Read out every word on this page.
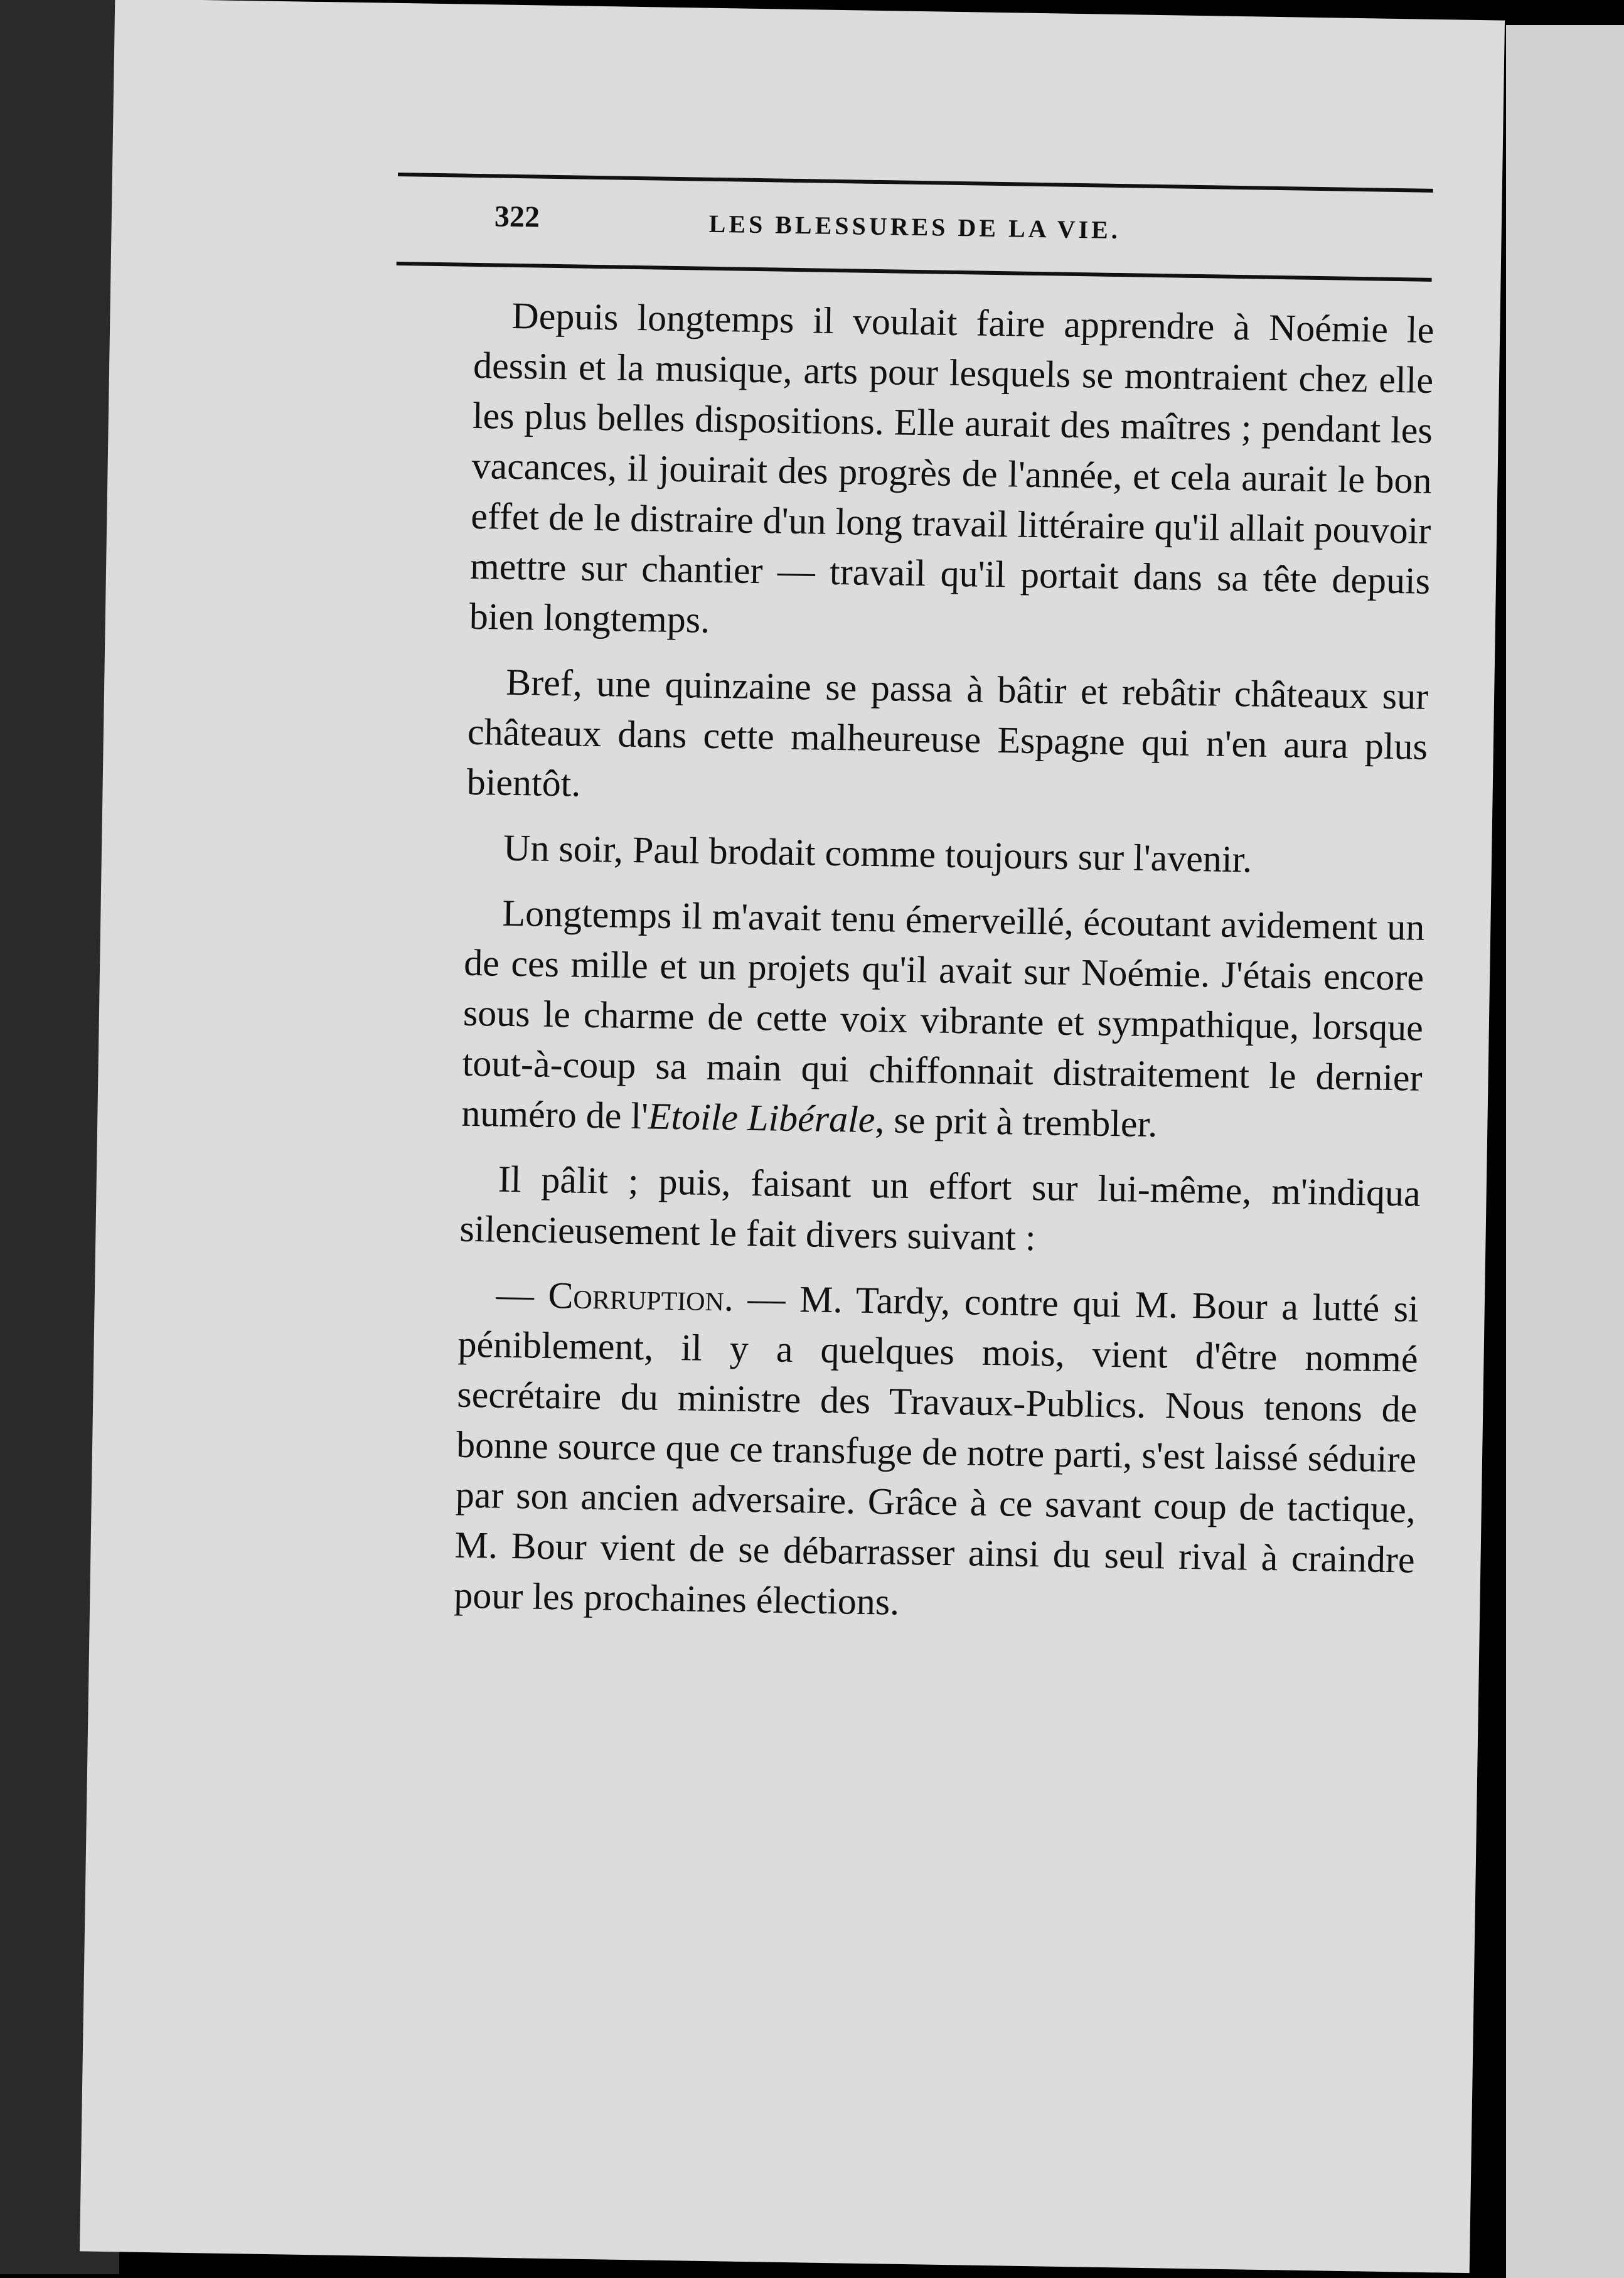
322	LES BLESSURES DE LA VIE.

Depuis longtemps il voulait faire apprendre à Noémie le dessin et la musique, arts pour lesquels se montraient chez elle les plus belles dispositions. Elle aurait des maîtres ; pendant les vacances, il jouirait des progrès de l'année, et cela aurait le bon effet de le distraire d'un long travail littéraire qu'il allait pouvoir mettre sur chantier — travail qu'il portait dans sa tête depuis bien longtemps.

Bref, une quinzaine se passa à bâtir et rebâtir châteaux sur châteaux dans cette malheureuse Espagne qui n'en aura plus bientôt.

Un soir, Paul brodait comme toujours sur l'avenir.

Longtemps il m'avait tenu émerveillé, écoutant avidement un de ces mille et un projets qu'il avait sur Noémie. J'étais encore sous le charme de cette voix vibrante et sympathique, lorsque tout-à-coup sa main qui chiffonnait distraitement le dernier numéro de l'Etoile Libérale, se prit à trembler.

Il pâlit ; puis, faisant un effort sur lui-même, m'indiqua silencieusement le fait divers suivant :

— Corruption. — M. Tardy, contre qui M. Bour a lutté si péniblement, il y a quelques mois, vient d'être nommé secrétaire du ministre des Travaux-Publics. Nous tenons de bonne source que ce transfuge de notre parti, s'est laissé séduire par son ancien adversaire. Grâce à ce savant coup de tactique, M. Bour vient de se débarrasser ainsi du seul rival à craindre pour les prochaines élections.
